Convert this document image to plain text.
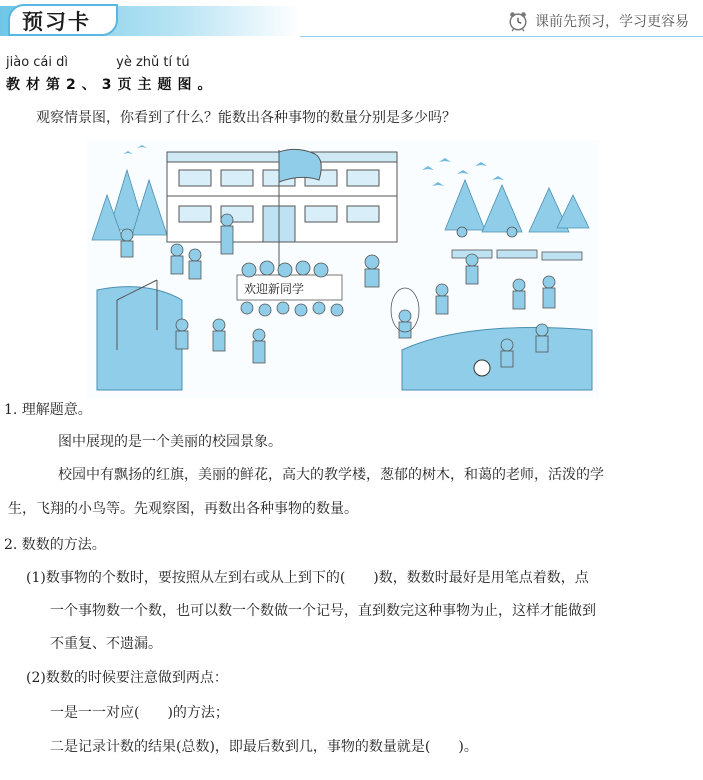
预习卡	课前先预习，学习更容易
jiào cái dì	yè zhǔ tí tú
教材第2、3页主题图。
观察情景图，你看到了什么？能数出各种事物的数量分别是多少吗？
欢迎新同学
1. 理解题意。
图中展现的是一个美丽的校园景象。
校园中有飘扬的红旗，美丽的鲜花，高大的教学楼，葱郁的树木，和蔼的老师，活泼的学
生，飞翔的小鸟等。先观察图，再数出各种事物的数量。
2. 数数的方法。
(1)数事物的个数时，要按照从左到右或从上到下的(　　)数，数数时最好是用笔点着数，点
一个事物数一个数，也可以数一个数做一个记号，直到数完这种事物为止，这样才能做到
不重复、不遗漏。
(2)数数的时候要注意做到两点：
一是一一对应(　　)的方法；
二是记录计数的结果(总数)，即最后数到几，事物的数量就是(　　)。
